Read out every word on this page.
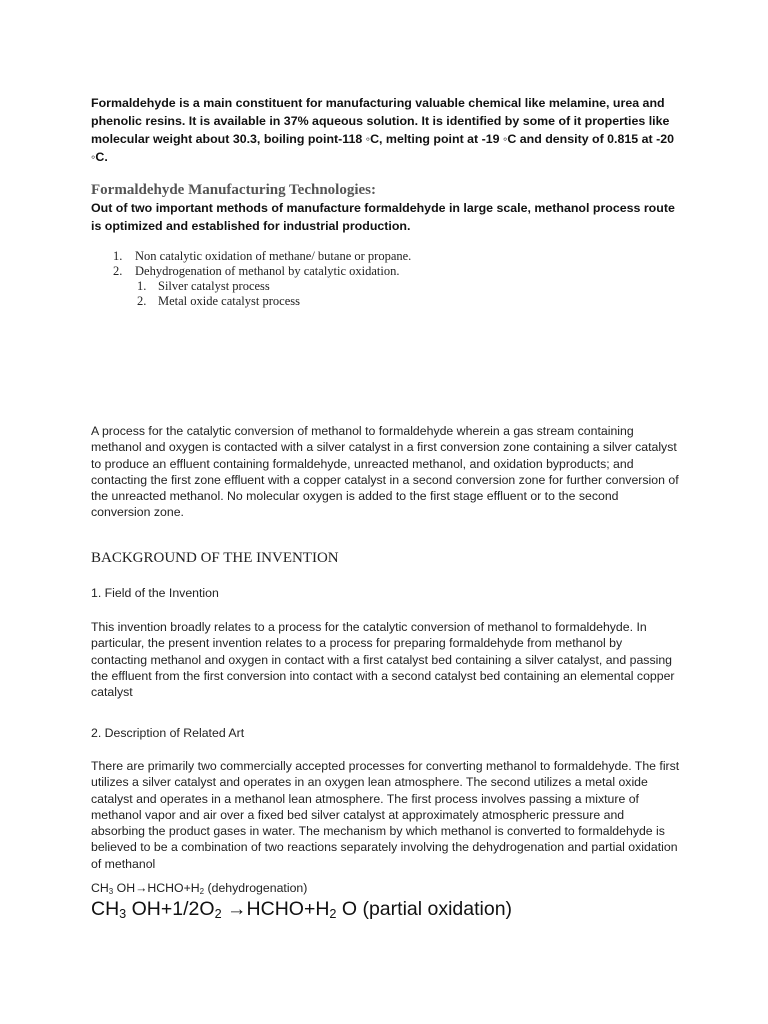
Formaldehyde is a main constituent for manufacturing valuable chemical like melamine, urea and phenolic resins. It is available in 37% aqueous solution. It is identified by some of it properties like molecular weight about 30.3, boiling point-118 ◦C, melting point at -19 ◦C and density of 0.815 at -20 ◦C.

Formaldehyde Manufacturing Technologies:

Out of two important methods of manufacture formaldehyde in large scale, methanol process route is optimized and established for industrial production.

1. Non catalytic oxidation of methane/ butane or propane.
2. Dehydrogenation of methanol by catalytic oxidation.
1. Silver catalyst process
2. Metal oxide catalyst process

A process for the catalytic conversion of methanol to formaldehyde wherein a gas stream containing methanol and oxygen is contacted with a silver catalyst in a first conversion zone containing a silver catalyst to produce an effluent containing formaldehyde, unreacted methanol, and oxidation byproducts; and contacting the first zone effluent with a copper catalyst in a second conversion zone for further conversion of the unreacted methanol. No molecular oxygen is added to the first stage effluent or to the second conversion zone.

BACKGROUND OF THE INVENTION
1. Field of the Invention

This invention broadly relates to a process for the catalytic conversion of methanol to formaldehyde. In particular, the present invention relates to a process for preparing formaldehyde from methanol by contacting methanol and oxygen in contact with a first catalyst bed containing a silver catalyst, and passing the effluent from the first conversion into contact with a second catalyst bed containing an elemental copper catalyst

2. Description of Related Art

There are primarily two commercially accepted processes for converting methanol to formaldehyde. The first utilizes a silver catalyst and operates in an oxygen lean atmosphere. The second utilizes a metal oxide catalyst and operates in a methanol lean atmosphere. The first process involves passing a mixture of methanol vapor and air over a fixed bed silver catalyst at approximately atmospheric pressure and absorbing the product gases in water. The mechanism by which methanol is converted to formaldehyde is believed to be a combination of two reactions separately involving the dehydrogenation and partial oxidation of methanol

$CH_3$ $OH\to HCHO+H_2$ (dehydrogenation)
$CH_3$ $OH+1/2O_2$ $\to HCHO+H_2$ O (partial oxidation)
